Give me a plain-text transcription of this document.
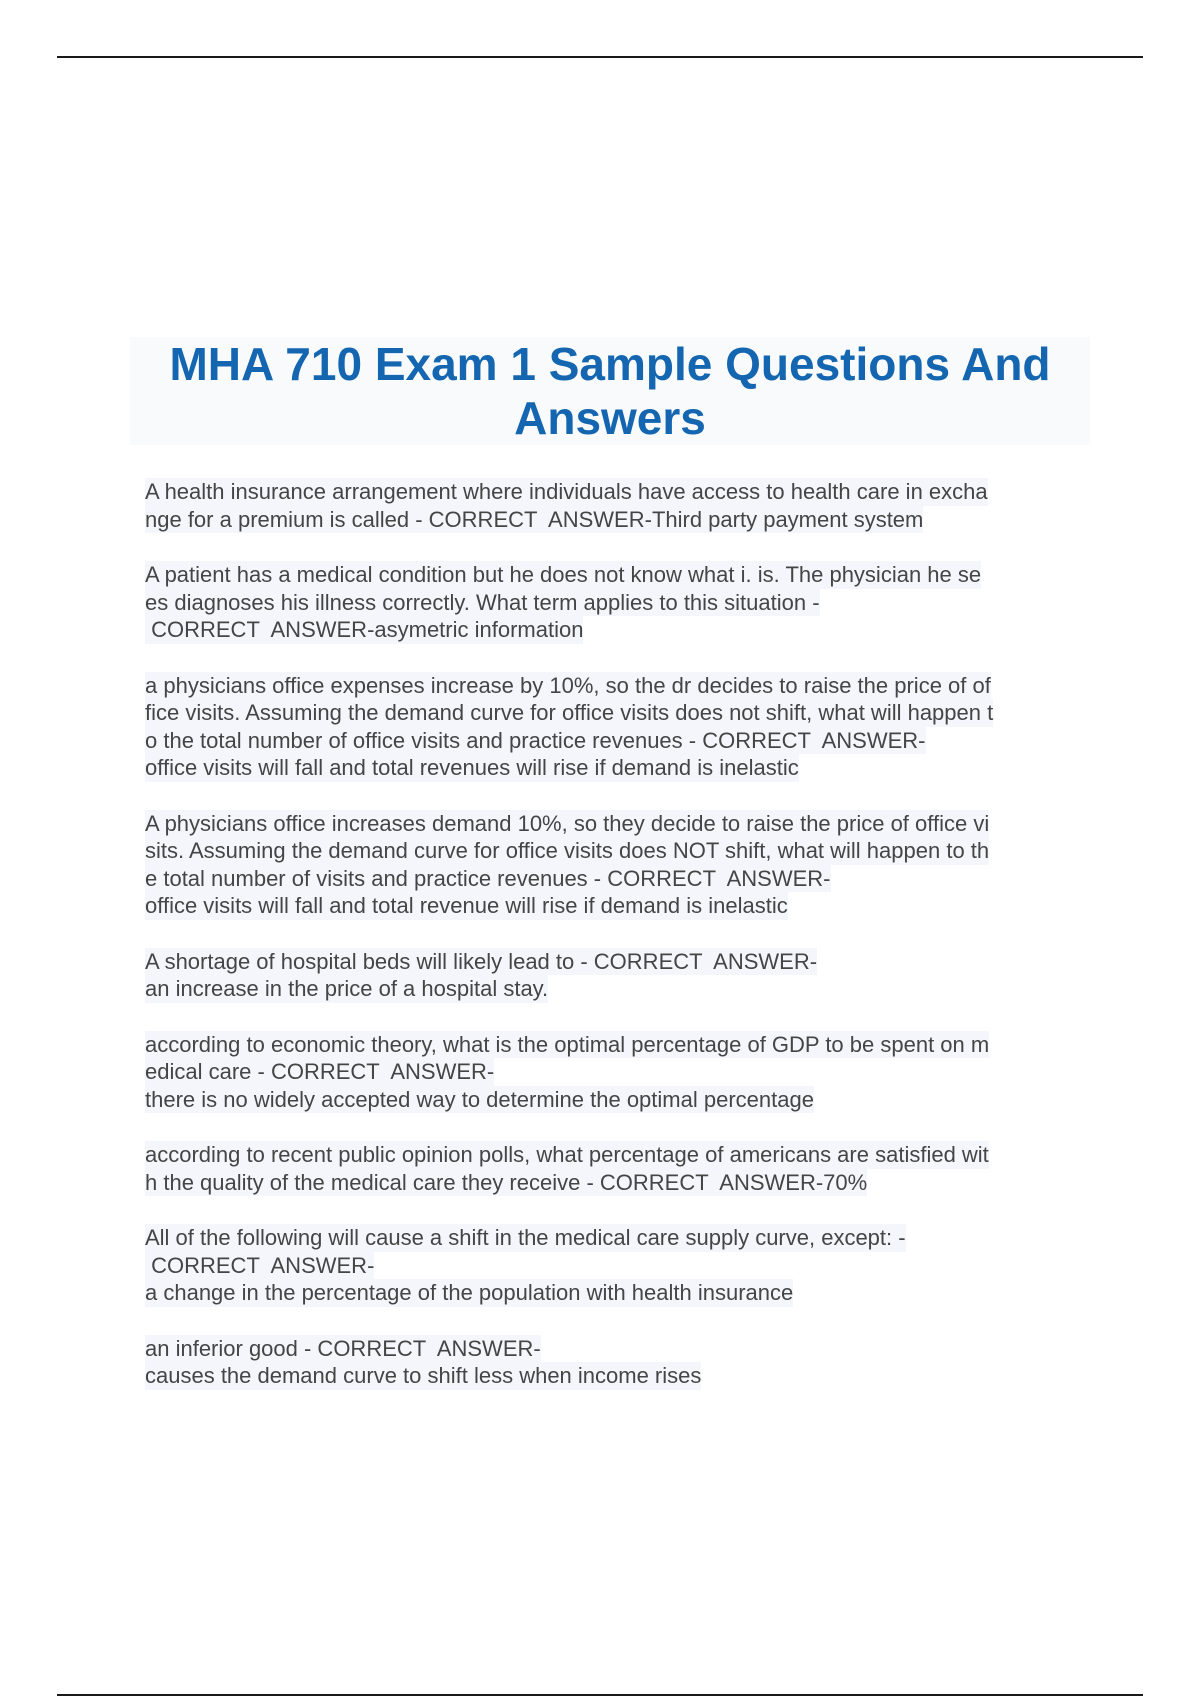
MHA 710 Exam 1 Sample Questions And
Answers
A health insurance arrangement where individuals have access to health care in excha
nge for a premium is called - CORRECT  ANSWER-Third party payment system
A patient has a medical condition but he does not know what i. is. The physician he se
es diagnoses his illness correctly. What term applies to this situation -
CORRECT  ANSWER-asymetric information
a physicians office expenses increase by 10%, so the dr decides to raise the price of of
fice visits. Assuming the demand curve for office visits does not shift, what will happen t
o the total number of office visits and practice revenues - CORRECT  ANSWER-
office visits will fall and total revenues will rise if demand is inelastic
A physicians office increases demand 10%, so they decide to raise the price of office vi
sits. Assuming the demand curve for office visits does NOT shift, what will happen to th
e total number of visits and practice revenues - CORRECT  ANSWER-
office visits will fall and total revenue will rise if demand is inelastic
A shortage of hospital beds will likely lead to - CORRECT  ANSWER-
an increase in the price of a hospital stay.
according to economic theory, what is the optimal percentage of GDP to be spent on m
edical care - CORRECT  ANSWER-
there is no widely accepted way to determine the optimal percentage
according to recent public opinion polls, what percentage of americans are satisfied wit
h the quality of the medical care they receive - CORRECT  ANSWER-70%
All of the following will cause a shift in the medical care supply curve, except: -
CORRECT  ANSWER-
a change in the percentage of the population with health insurance
an inferior good - CORRECT  ANSWER-
causes the demand curve to shift less when income rises
